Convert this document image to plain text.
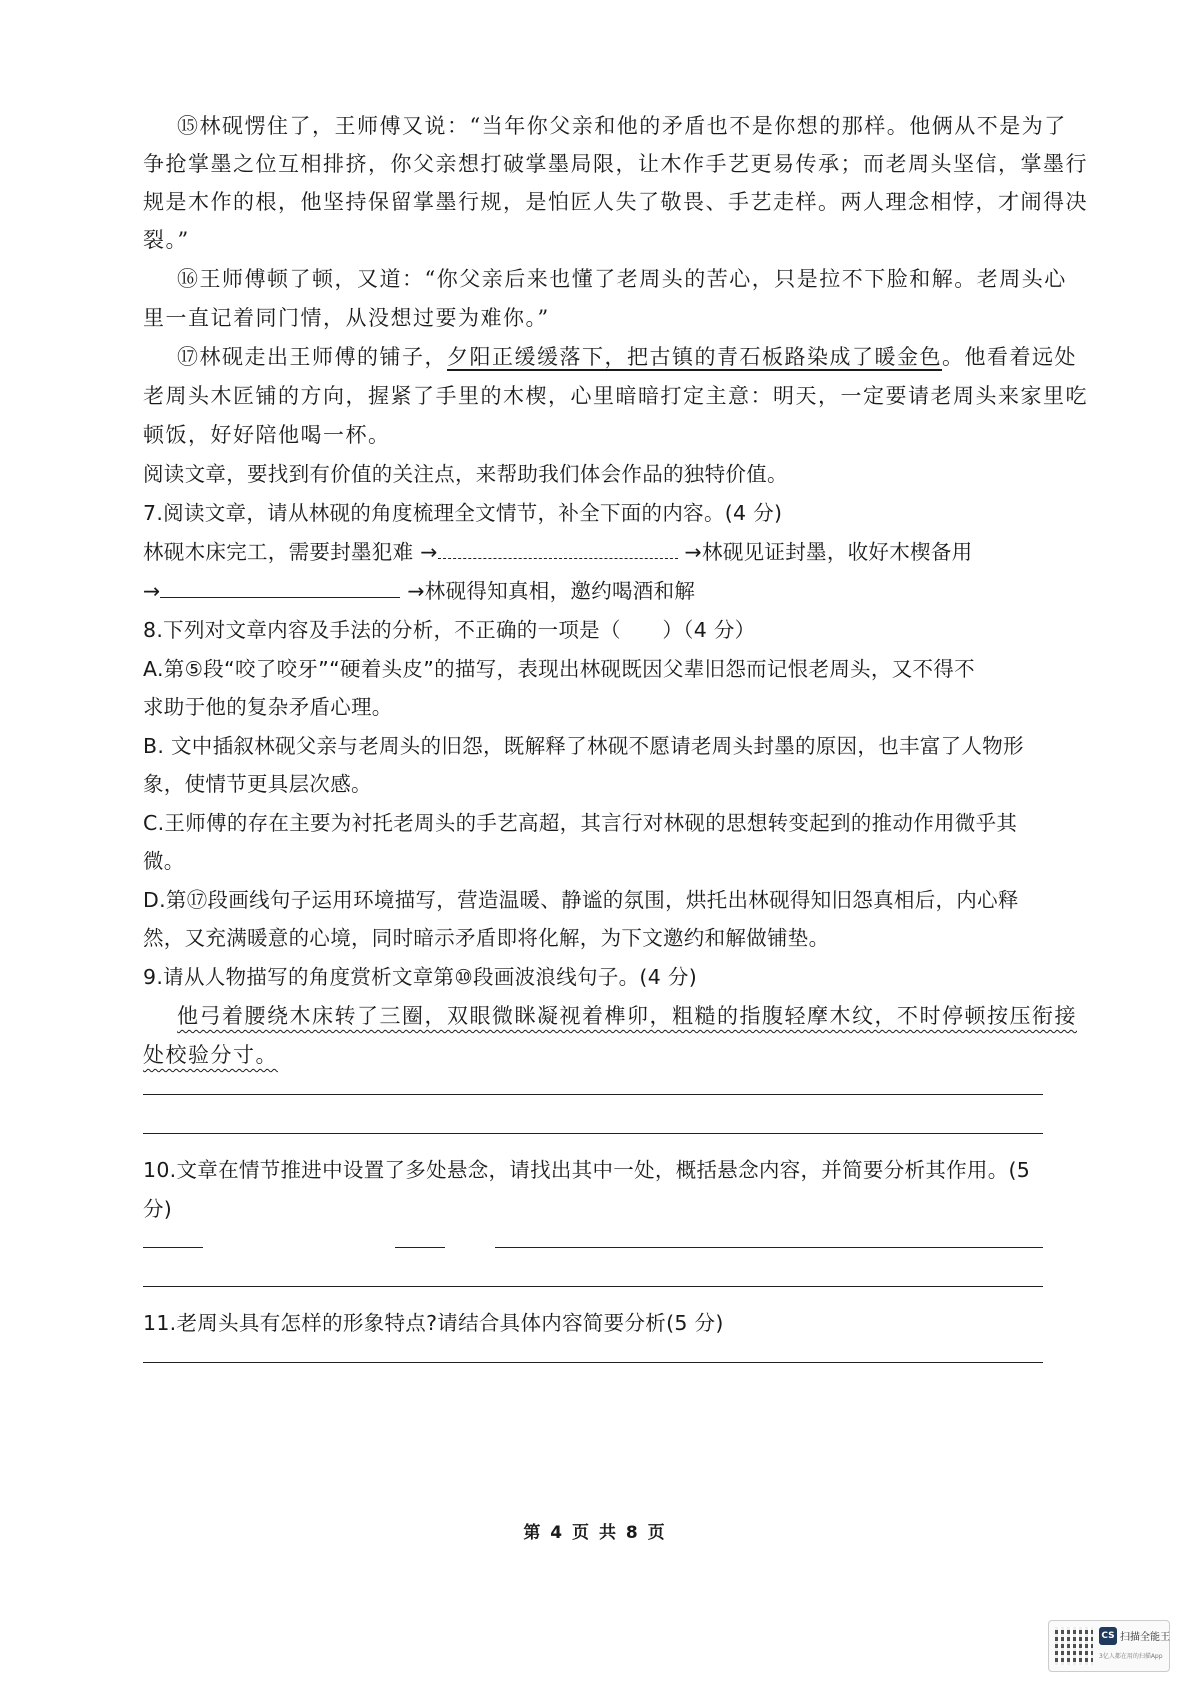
⑮林砚愣住了，王师傅又说：“当年你父亲和他的矛盾也不是你想的那样。他俩从不是为了
争抢掌墨之位互相排挤，你父亲想打破掌墨局限，让木作手艺更易传承；而老周头坚信，掌墨行
规是木作的根，他坚持保留掌墨行规，是怕匠人失了敬畏、手艺走样。两人理念相悖，才闹得决
裂。”
⑯王师傅顿了顿，又道：“你父亲后来也懂了老周头的苦心，只是拉不下脸和解。老周头心
里一直记着同门情，从没想过要为难你。”
⑰林砚走出王师傅的铺子，夕阳正缓缓落下，把古镇的青石板路染成了暖金色。他看着远处
老周头木匠铺的方向，握紧了手里的木楔，心里暗暗打定主意：明天，一定要请老周头来家里吃
顿饭，好好陪他喝一杯。
阅读文章，要找到有价值的关注点，来帮助我们体会作品的独特价值。
7.阅读文章，请从林砚的角度梳理全文情节，补全下面的内容。(4 分)
林砚木床完工，需要封墨犯难 →	→林砚见证封墨，收好木楔备用
→	→林砚得知真相，邀约喝酒和解
8.下列对文章内容及手法的分析，不正确的一项是（　　）（4 分）
A.第⑤段“咬了咬牙”“硬着头皮”的描写，表现出林砚既因父辈旧怨而记恨老周头，又不得不
求助于他的复杂矛盾心理。
B. 文中插叙林砚父亲与老周头的旧怨，既解释了林砚不愿请老周头封墨的原因，也丰富了人物形
象，使情节更具层次感。
C.王师傅的存在主要为衬托老周头的手艺高超，其言行对林砚的思想转变起到的推动作用微乎其
微。
D.第⑰段画线句子运用环境描写，营造温暖、静谧的氛围，烘托出林砚得知旧怨真相后，内心释
然，又充满暖意的心境，同时暗示矛盾即将化解，为下文邀约和解做铺垫。
9.请从人物描写的角度赏析文章第⑩段画波浪线句子。(4 分)
他弓着腰绕木床转了三圈，双眼微眯凝视着榫卯，粗糙的指腹轻摩木纹，不时停顿按压衔接
处校验分寸。
10.文章在情节推进中设置了多处悬念，请找出其中一处，概括悬念内容，并简要分析其作用。(5
分)
11.老周头具有怎样的形象特点?请结合具体内容简要分析(5 分)
第 4 页 共 8 页
CS 扫描全能王
3亿人都在用的扫描App
